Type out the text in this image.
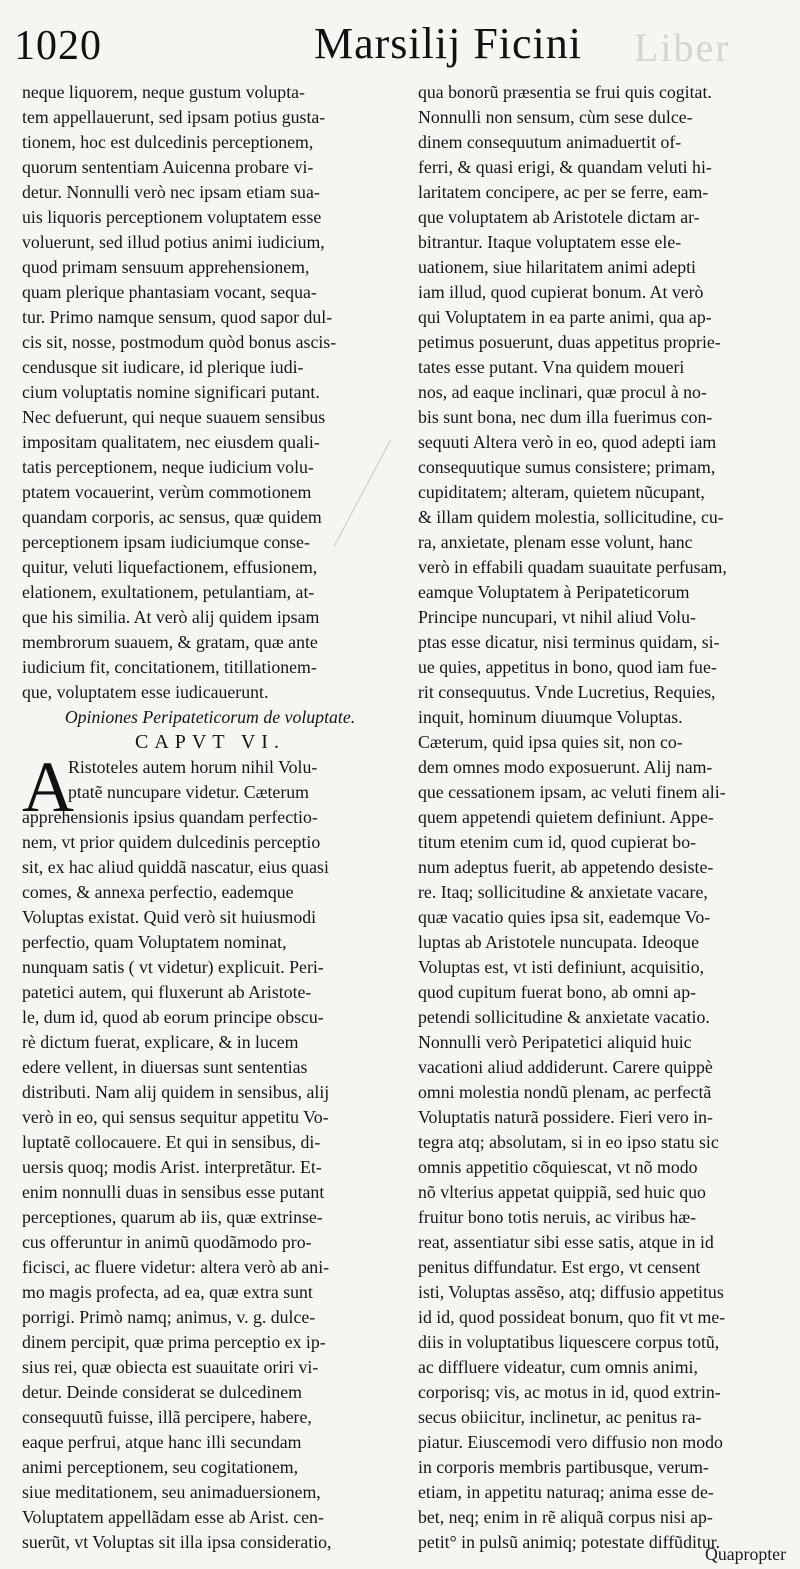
1020	Marsilij Ficini Liber
neque liquorem, neque gustum volupta-
tem appellauerunt, sed ipsam potius gusta-
tionem, hoc est dulcedinis perceptionem,
quorum sententiam Auicenna probare vi-
detur. Nonnulli verò nec ipsam etiam sua-
uis liquoris perceptionem voluptatem esse
voluerunt, sed illud potius animi iudicium,
quod primam sensuum apprehensionem,
quam plerique phantasiam vocant, sequa-
tur. Primo namque sensum, quod sapor dul-
cis sit, nosse, postmodum quòd bonus ascis-
cendusque sit iudicare, id plerique iudi-
cium voluptatis nomine significari putant.
Nec defuerunt, qui neque suauem sensibus
impositam qualitatem, nec eiusdem quali-
tatis perceptionem, neque iudicium volu-
ptatem vocauerint, verùm commotionem
quandam corporis, ac sensus, quæ quidem
perceptionem ipsam iudiciumque conse-
quitur, veluti liquefactionem, effusionem,
elationem, exultationem, petulantiam, at-
que his similia. At verò alij quidem ipsam
membrorum suauem, & gratam, quæ ante
iudicium fit, concitationem, titillationem-
que, voluptatem esse iudicauerunt.
Opiniones Peripateticorum de voluptate.
CAPVT VI.
A
Ristoteles autem horum nihil Volu-
ptatẽ nuncupare videtur. Cæterum
apprehensionis ipsius quandam perfectio-
nem, vt prior quidem dulcedinis perceptio
sit, ex hac aliud quiddã nascatur, eius quasi
comes, & annexa perfectio, eademque
Voluptas existat. Quid verò sit huiusmodi
perfectio, quam Voluptatem nominat,
nunquam satis ( vt videtur) explicuit. Peri-
patetici autem, qui fluxerunt ab Aristote-
le, dum id, quod ab eorum principe obscu-
rè dictum fuerat, explicare, & in lucem
edere vellent, in diuersas sunt sententias
distributi. Nam alij quidem in sensibus, alij
verò in eo, qui sensus sequitur appetitu Vo-
luptatẽ collocauere. Et qui in sensibus, di-
uersis quoq; modis Arist. interpretãtur. Et-
enim nonnulli duas in sensibus esse putant
perceptiones, quarum ab iis, quæ extrinse-
cus offeruntur in animũ quodãmodo pro-
ficisci, ac fluere videtur: altera verò ab ani-
mo magis profecta, ad ea, quæ extra sunt
porrigi. Primò namq; animus, v. g. dulce-
dinem percipit, quæ prima perceptio ex ip-
sius rei, quæ obiecta est suauitate oriri vi-
detur. Deinde considerat se dulcedinem
consequutũ fuisse, illã percipere, habere,
eaque perfrui, atque hanc illi secundam
animi perceptionem, seu cogitationem,
siue meditationem, seu animaduersionem,
Voluptatem appellãdam esse ab Arist. cen-
suerũt, vt Voluptas sit illa ipsa consideratio,
qua bonorũ præsentia se frui quis cogitat.
Nonnulli non sensum, cùm sese dulce-
dinem consequutum animaduertit of-
ferri, & quasi erigi, & quandam veluti hi-
laritatem concipere, ac per se ferre, eam-
que voluptatem ab Aristotele dictam ar-
bitrantur. Itaque voluptatem esse ele-
uationem, siue hilaritatem animi adepti
iam illud, quod cupierat bonum. At verò
qui Voluptatem in ea parte animi, qua ap-
petimus posuerunt, duas appetitus proprie-
tates esse putant. Vna quidem moueri
nos, ad eaque inclinari, quæ procul à no-
bis sunt bona, nec dum illa fuerimus con-
sequuti Altera verò in eo, quod adepti iam
consequutique sumus consistere; primam,
cupiditatem; alteram, quietem nũcupant,
& illam quidem molestia, sollicitudine, cu-
ra, anxietate, plenam esse volunt, hanc
verò in effabili quadam suauitate perfusam,
eamque Voluptatem à Peripateticorum
Principe nuncupari, vt nihil aliud Volu-
ptas esse dicatur, nisi terminus quidam, si-
ue quies, appetitus in bono, quod iam fue-
rit consequutus. Vnde Lucretius, Requies,
inquit, hominum diuumque Voluptas.
Cæterum, quid ipsa quies sit, non co-
dem omnes modo exposuerunt. Alij nam-
que cessationem ipsam, ac veluti finem ali-
quem appetendi quietem definiunt. Appe-
titum etenim cum id, quod cupierat bo-
num adeptus fuerit, ab appetendo desiste-
re. Itaq; sollicitudine & anxietate vacare,
quæ vacatio quies ipsa sit, eademque Vo-
luptas ab Aristotele nuncupata. Ideoque
Voluptas est, vt isti definiunt, acquisitio,
quod cupitum fuerat bono, ab omni ap-
petendi sollicitudine & anxietate vacatio.
Nonnulli verò Peripatetici aliquid huic
vacationi aliud addiderunt. Carere quippè
omni molestia nondũ plenam, ac perfectã
Voluptatis naturã possidere. Fieri vero in-
tegra atq; absolutam, si in eo ipso statu sic
omnis appetitio cõquiescat, vt nõ modo
nõ vlterius appetat quippiã, sed huic quo
fruitur bono totis neruis, ac viribus hæ-
reat, assentiatur sibi esse satis, atque in id
penitus diffundatur. Est ergo, vt censent
isti, Voluptas assẽso, atq; diffusio appetitus
id id, quod possideat bonum, quo fit vt me-
diis in voluptatibus liquescere corpus totũ,
ac diffluere videatur, cum omnis animi,
corporisq; vis, ac motus in id, quod extrin-
secus obiicitur, inclinetur, ac penitus ra-
piatur. Eiuscemodi vero diffusio non modo
in corporis membris partibusque, verum-
etiam, in appetitu naturaq; anima esse de-
bet, neq; enim in rẽ aliquã corpus nisi ap-
petit° in pulsũ animiq; potestate diffũditur.
Quapropter
